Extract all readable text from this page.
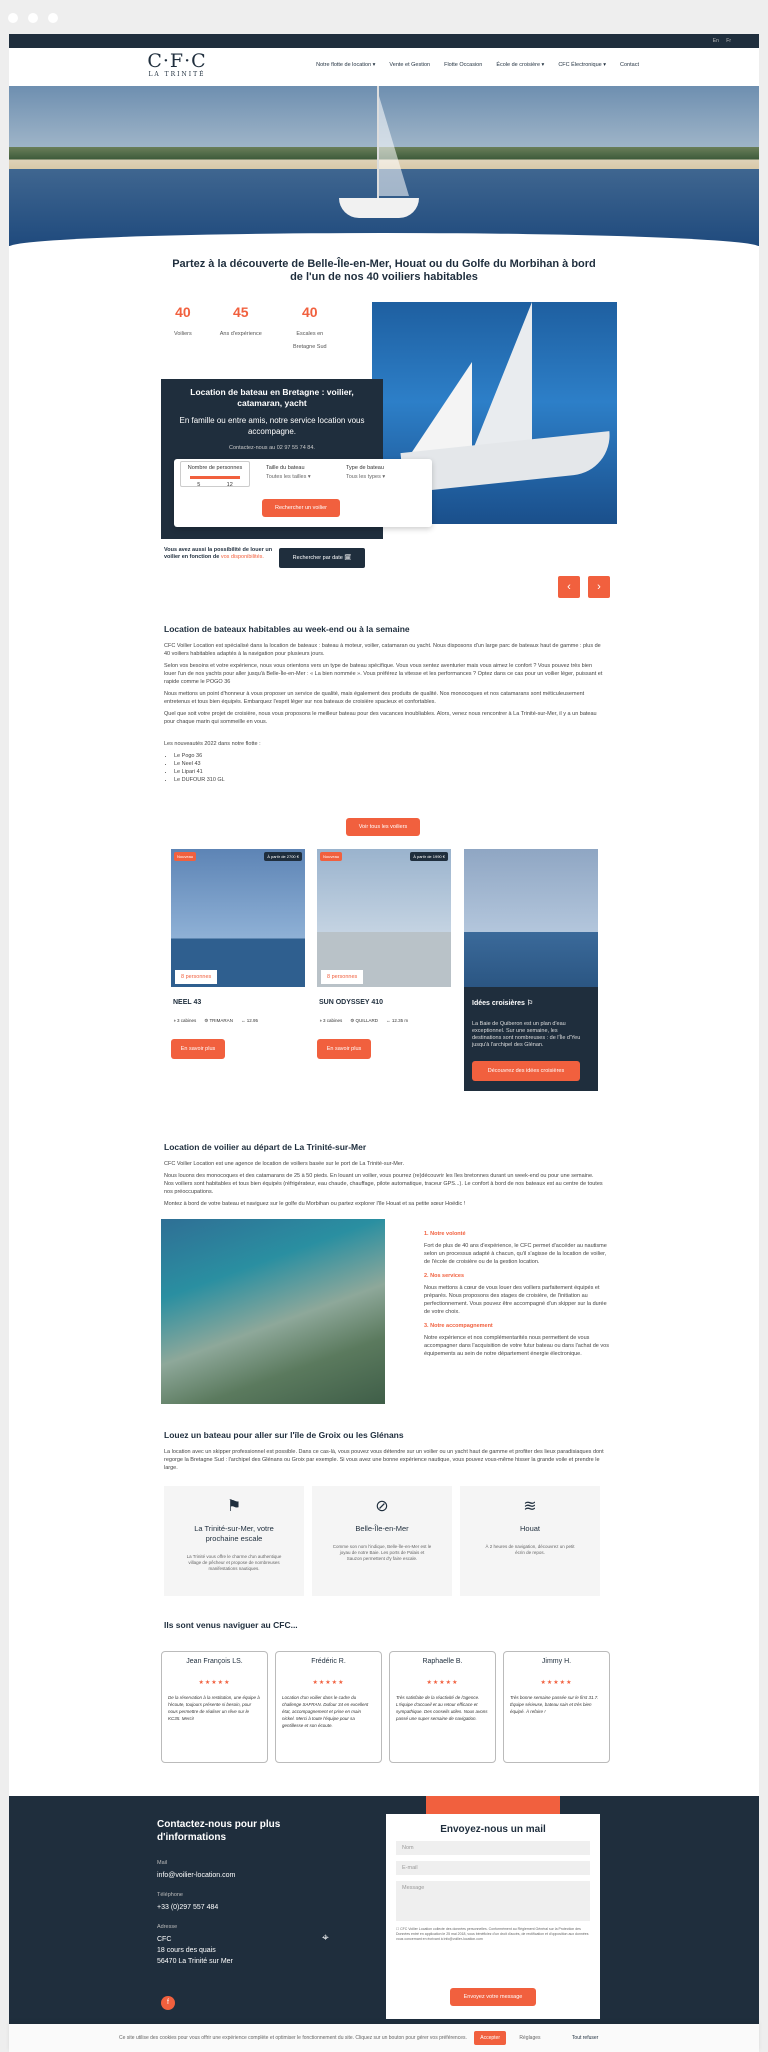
En Fr
C·F·C
LA TRINITÉ
Notre flotte de location ▾	Vente et Gestion	Flotte Occasion	École de croisière ▾	CFC Électronique ▾	Contact
Partez à la découverte de Belle-Île-en-Mer, Houat ou du Golfe du Morbihan à bord de l'un de nos 40 voiliers habitables
40
Voiliers
45
Ans d'expérience
40
Escales en Bretagne Sud
Location de bateau en Bretagne : voilier, catamaran, yacht
En famille ou entre amis, notre service location vous accompagne.
Contactez-nous au 02 97 55 74 84.
Nombre de personnes
5	12
Taille du bateau
Toutes les tailles ▾
Type de bateau
Tous les types ▾
Rechercher un voilier
Vous avez aussi la possibilité de louer un voilier en fonction de vos disponibilités.	Rechercher par date 🗓
‹	›
Location de bateaux habitables au week-end ou à la semaine

CFC Voilier Location est spécialisé dans la location de bateaux : bateau à moteur, voilier, catamaran ou yacht. Nous disposons d'un large parc de bateaux haut de gamme : plus de 40 voiliers habitables adaptés à la navigation pour plusieurs jours.

Selon vos besoins et votre expérience, nous vous orientons vers un type de bateau spécifique. Vous vous sentez aventurier mais vous aimez le confort ? Vous pouvez très bien louer l'un de nos yachts pour aller jusqu'à Belle-Île-en-Mer : « La bien nommée ». Vous préférez la vitesse et les performances ? Optez dans ce cas pour un voilier léger, puissant et rapide comme le POGO 36

Nous mettons un point d'honneur à vous proposer un service de qualité, mais également des produits de qualité. Nos monocoques et nos catamarans sont méticuleusement entretenus et tous bien équipés. Embarquez l'esprit léger sur nos bateaux de croisière spacieux et confortables.

Quel que soit votre projet de croisière, nous vous proposons le meilleur bateau pour des vacances inoubliables. Alors, venez nous rencontrer à La Trinité-sur-Mer, il y a un bateau pour chaque marin qui sommeille en vous.

Les nouveautés 2022 dans notre flotte :

• Le Pogo 36
• Le Neel 43
• Le Lipari 41
• Le DUFOUR 310 GL
Voir tous les voiliers
Nouveau	À partir de 2700 €
8 personnes
NEEL 43
◑ 3 cabines ⚙ TRIMARAN ↔ 12.95
En savoir plus
Nouveau	À partir de 1990 €
8 personnes
SUN ODYSSEY 410
◑ 3 cabines ⚙ QUILLARD ↔ 12.35 m
En savoir plus
Idées croisières ⚐
La Baie de Quiberon est un plan d'eau exceptionnel. Sur une semaine, les destinations sont nombreuses : de l'Île d'Yeu jusqu'à l'archipel des Glénan.
Découvrez des idées croisières
Location de voilier au départ de La Trinité-sur-Mer

CFC Voilier Location est une agence de location de voiliers basée sur le port de La Trinité-sur-Mer.

Nous louons des monocoques et des catamarans de 25 à 50 pieds. En louant un voilier, vous pourrez (re)découvrir les îles bretonnes durant un week-end ou pour une semaine. Nos voiliers sont habitables et tous bien équipés (réfrigérateur, eau chaude, chauffage, pilote automatique, traceur GPS...). Le confort à bord de nos bateaux est au centre de toutes nos préoccupations.

Montez à bord de votre bateau et naviguez sur le golfe du Morbihan ou partez explorer l'île Houat et sa petite sœur Hoëdic !

1. Notre volonté

Fort de plus de 40 ans d'expérience, le CFC permet d'accéder au nautisme selon un processus adapté à chacun, qu'il s'agisse de la location de voilier, de l'école de croisière ou de la gestion location.

2. Nos services

Nous mettons à cœur de vous louer des voiliers parfaitement équipés et préparés. Nous proposons des stages de croisière, de l'initiation au perfectionnement. Vous pouvez être accompagné d'un skipper sur la durée de votre choix.

3. Notre accompagnement

Notre expérience et nos complémentarités nous permettent de vous accompagner dans l'acquisition de votre futur bateau ou dans l'achat de vos équipements au sein de notre département énergie électronique.

Louez un bateau pour aller sur l'île de Groix ou les Glénans

La location avec un skipper professionnel est possible. Dans ce cas-là, vous pouvez vous détendre sur un voilier ou un yacht haut de gamme et profiter des lieux paradisiaques dont regorge la Bretagne Sud : l'archipel des Glénans ou Groix par exemple. Si vous avez une bonne expérience nautique, vous pouvez vous-même hisser la grande voile et prendre le large.

⚑
La Trinité-sur-Mer, votre prochaine escale
La Trinité vous offre le charme d'un authentique village de pêcheur et propose de nombreuses manifestations nautiques.
⊘
Belle-Île-en-Mer
Comme son nom l'indique, Belle-Île-en-Mer est le joyau de notre Baie. Les ports de Palais et Sauzon permettent d'y faire escale.
≋
Houat
À 2 heures de navigation, découvrez un petit écrin de repos.
Ils sont venus naviguer au CFC...
Jean François LS.
★★★★★
De la réservation à la restitution, une équipe à l'écoute, toujours présente si besoin, pour nous permettre de réaliser un rêve sur le KC35. Merci!
Frédéric R.
★★★★★
Location d'un voilier dans le cadre du challenge SAFRAN. Dufour 34 en excellent état, accompagnement et prise en main nickel. Merci à toute l'équipe pour sa gentillesse et son écoute.
Raphaelle B.
★★★★★
Très satisfaite de la réactivité de l'agence. L'équipe d'accueil et au retour efficace et sympathique. Des conseils utiles. Nous avons passé une super semaine de navigation.
Jimmy H.
★★★★★
Très bonne semaine passée sur le first 31.7. Équipe sérieuse, bateau sain et très bien équipé. À refaire !
Contactez-nous pour plus d'informations
Mail
info@voilier-location.com
Téléphone
+33 (0)297 557 484
Adresse
CFC
18 cours des quais
56470 La Trinité sur Mer
⌖
f
Envoyez-nous un mail
Nom
E-mail
Message
☐ CFC Voilier Location collecte des données personnelles. Conformément au Règlement Général sur la Protection des Données entré en application le 25 mai 2018, vous bénéficiez d'un droit d'accès, de rectification et d'opposition aux données vous concernant en écrivant à info@voilier-location.com
Envoyez votre message
Ce site utilise des cookies pour vous offrir une expérience complète et optimiser le fonctionnement du site. Cliquez sur un bouton pour gérer vos préférences.	Accepter	Réglages	Tout refuser
